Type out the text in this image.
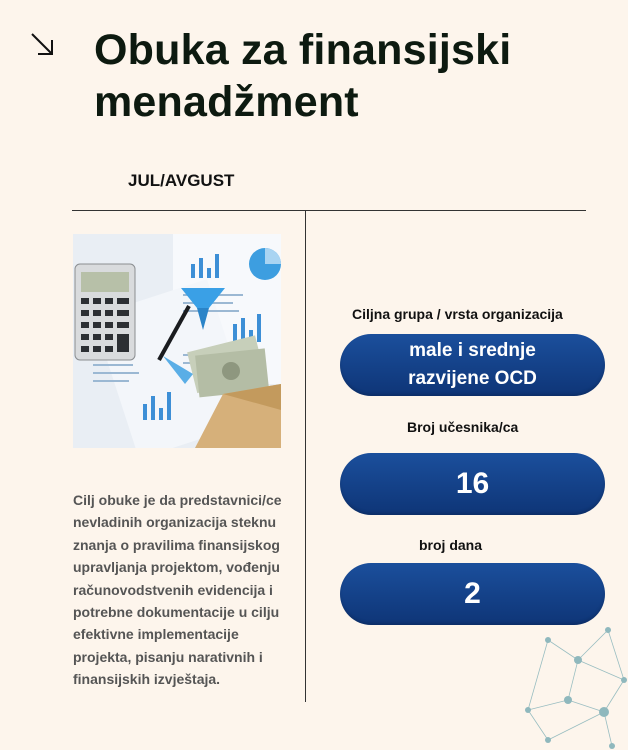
Obuka za finansijski menadžment
JUL/AVGUST

Cilj obuke je da predstavnici/ce nevladinih organizacija steknu znanja o pravilima finansijskog upravljanja projektom, vođenju računovodstvenih evidencija i potrebne dokumentacije u cilju efektivne implementacije projekta, pisanju narativnih i finansijskih izvještaja.

Ciljna grupa / vrsta organizacija
male i srednje razvijene OCD
Broj učesnika/ca
16
broj dana
2
